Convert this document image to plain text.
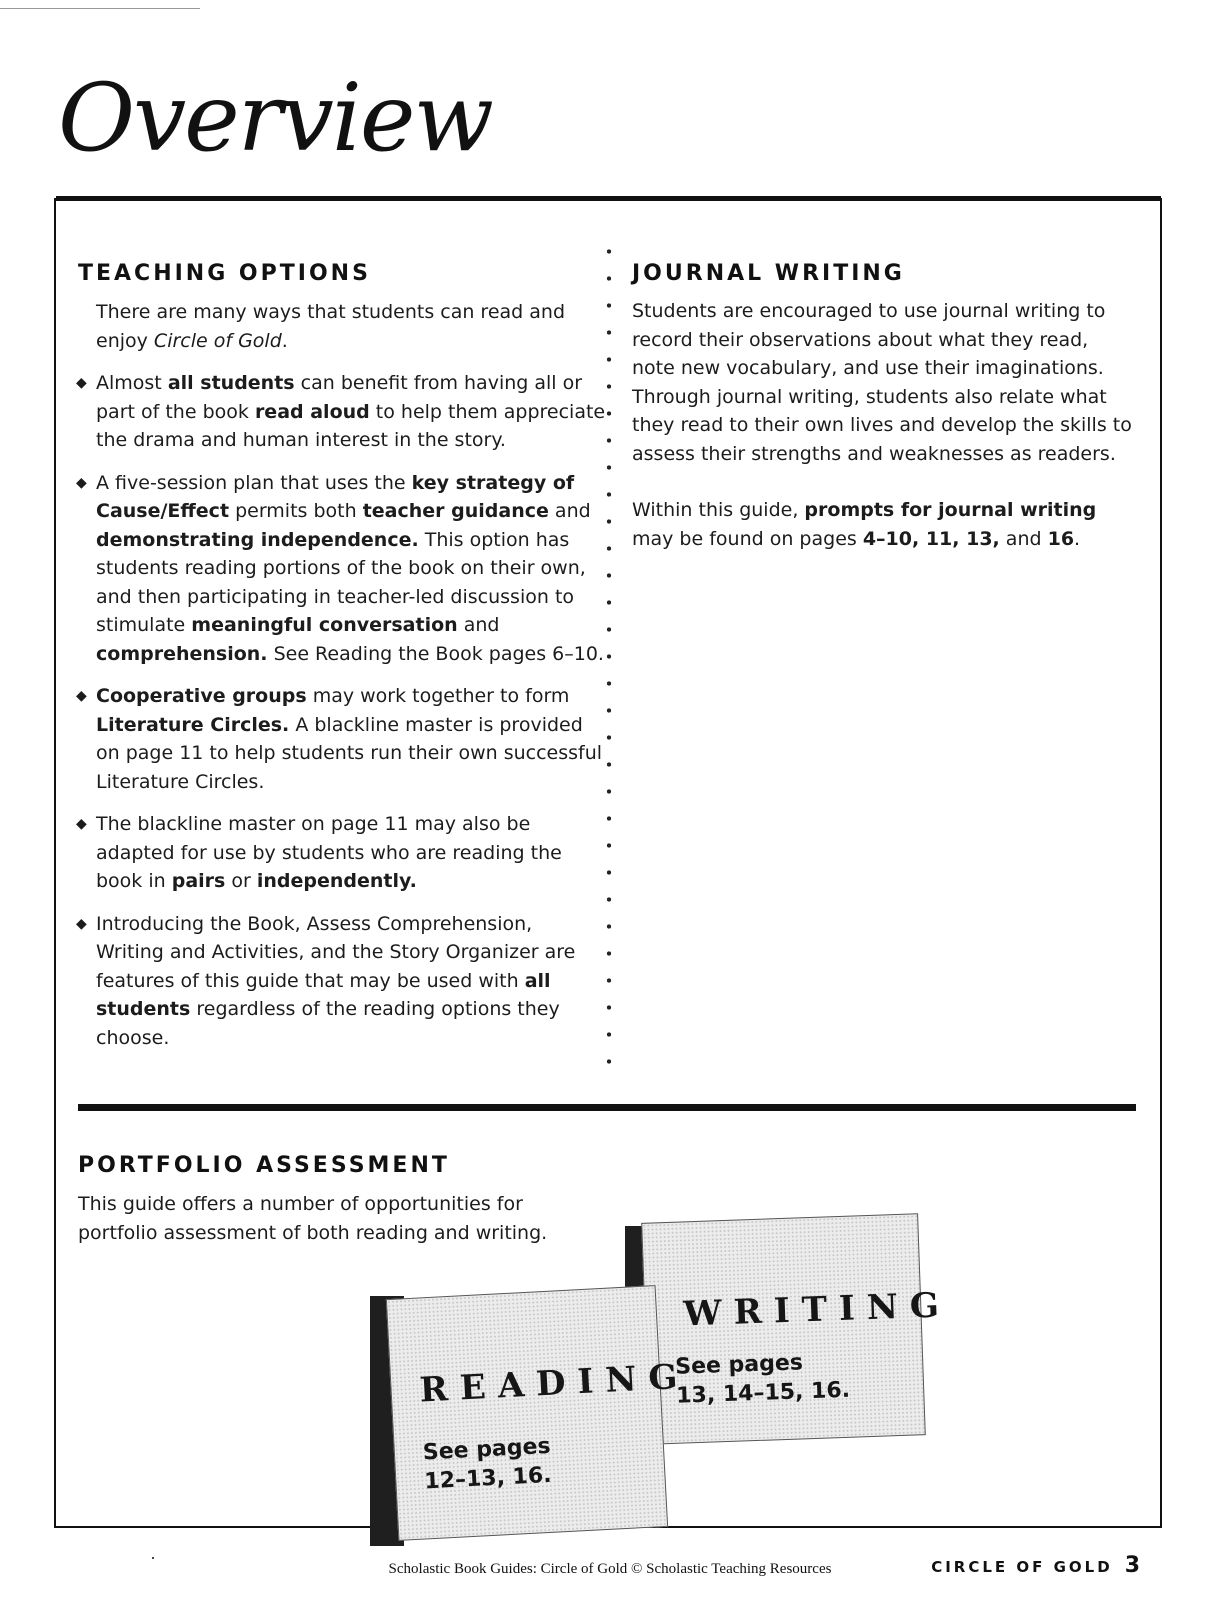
Overview
TEACHING OPTIONS

There are many ways that students can read and enjoy Circle of Gold.

◆ Almost all students can benefit from having all or part of the book read aloud to help them appreciate the drama and human interest in the story.
◆ A five-session plan that uses the key strategy of Cause/Effect permits both teacher guidance and demonstrating independence. This option has students reading portions of the book on their own, and then participating in teacher-led discussion to stimulate meaningful conversation and comprehension. See Reading the Book pages 6–10.
◆ Cooperative groups may work together to form Literature Circles. A blackline master is provided on page 11 to help students run their own successful Literature Circles.
◆ The blackline master on page 11 may also be adapted for use by students who are reading the book in pairs or independently.
◆ Introducing the Book, Assess Comprehension, Writing and Activities, and the Story Organizer are features of this guide that may be used with all students regardless of the reading options they choose.
JOURNAL WRITING

Students are encouraged to use journal writing to record their observations about what they read, note new vocabulary, and use their imaginations. Through journal writing, students also relate what they read to their own lives and develop the skills to assess their strengths and weaknesses as readers.

Within this guide, prompts for journal writing may be found on pages 4–10, 11, 13, and 16.

PORTFOLIO ASSESSMENT

This guide offers a number of opportunities for portfolio assessment of both reading and writing.

WRITING

See pages
13, 14–15, 16.

READING

See pages
12–13, 16.
Scholastic Book Guides: Circle of Gold © Scholastic Teaching Resources	CIRCLE OF GOLD 3
